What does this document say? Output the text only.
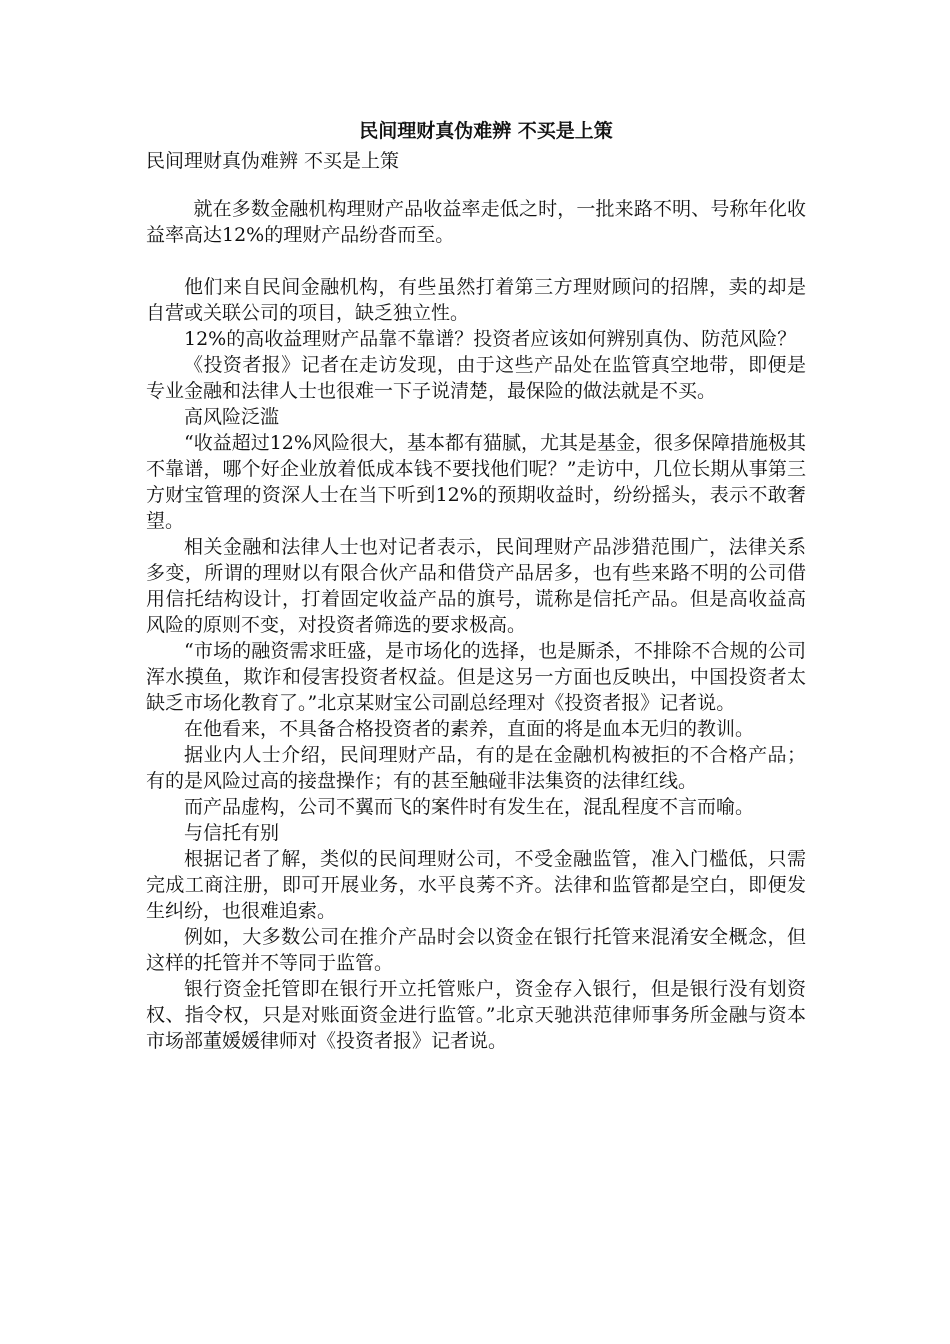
民间理财真伪难辨 不买是上策

民间理财真伪难辨 不买是上策

就在多数金融机构理财产品收益率走低之时，一批来路不明、号称年化收益率高达12%的理财产品纷沓而至。

他们来自民间金融机构，有些虽然打着第三方理财顾问的招牌，卖的却是自营或关联公司的项目，缺乏独立性。

12%的高收益理财产品靠不靠谱？投资者应该如何辨别真伪、防范风险？

《投资者报》记者在走访发现，由于这些产品处在监管真空地带，即便是专业金融和法律人士也很难一下子说清楚，最保险的做法就是不买。

高风险泛滥

“收益超过12%风险很大，基本都有猫腻，尤其是基金，很多保障措施极其不靠谱，哪个好企业放着低成本钱不要找他们呢？”走访中，几位长期从事第三方财宝管理的资深人士在当下听到12%的预期收益时，纷纷摇头，表示不敢奢望。

相关金融和法律人士也对记者表示，民间理财产品涉猎范围广，法律关系多变，所谓的理财以有限合伙产品和借贷产品居多，也有些来路不明的公司借用信托结构设计，打着固定收益产品的旗号，谎称是信托产品。但是高收益高风险的原则不变，对投资者筛选的要求极高。

“市场的融资需求旺盛，是市场化的选择，也是厮杀，不排除不合规的公司浑水摸鱼，欺诈和侵害投资者权益。但是这另一方面也反映出，中国投资者太缺乏市场化教育了。”北京某财宝公司副总经理对《投资者报》记者说。

在他看来，不具备合格投资者的素养，直面的将是血本无归的教训。

据业内人士介绍，民间理财产品，有的是在金融机构被拒的不合格产品；有的是风险过高的接盘操作；有的甚至触碰非法集资的法律红线。

而产品虚构，公司不翼而飞的案件时有发生在，混乱程度不言而喻。

与信托有别

根据记者了解，类似的民间理财公司，不受金融监管，准入门槛低，只需完成工商注册，即可开展业务，水平良莠不齐。法律和监管都是空白，即便发生纠纷，也很难追索。

例如，大多数公司在推介产品时会以资金在银行托管来混淆安全概念，但这样的托管并不等同于监管。

银行资金托管即在银行开立托管账户，资金存入银行，但是银行没有划资权、指令权，只是对账面资金进行监管。”北京天驰洪范律师事务所金融与资本市场部董媛媛律师对《投资者报》记者说。
